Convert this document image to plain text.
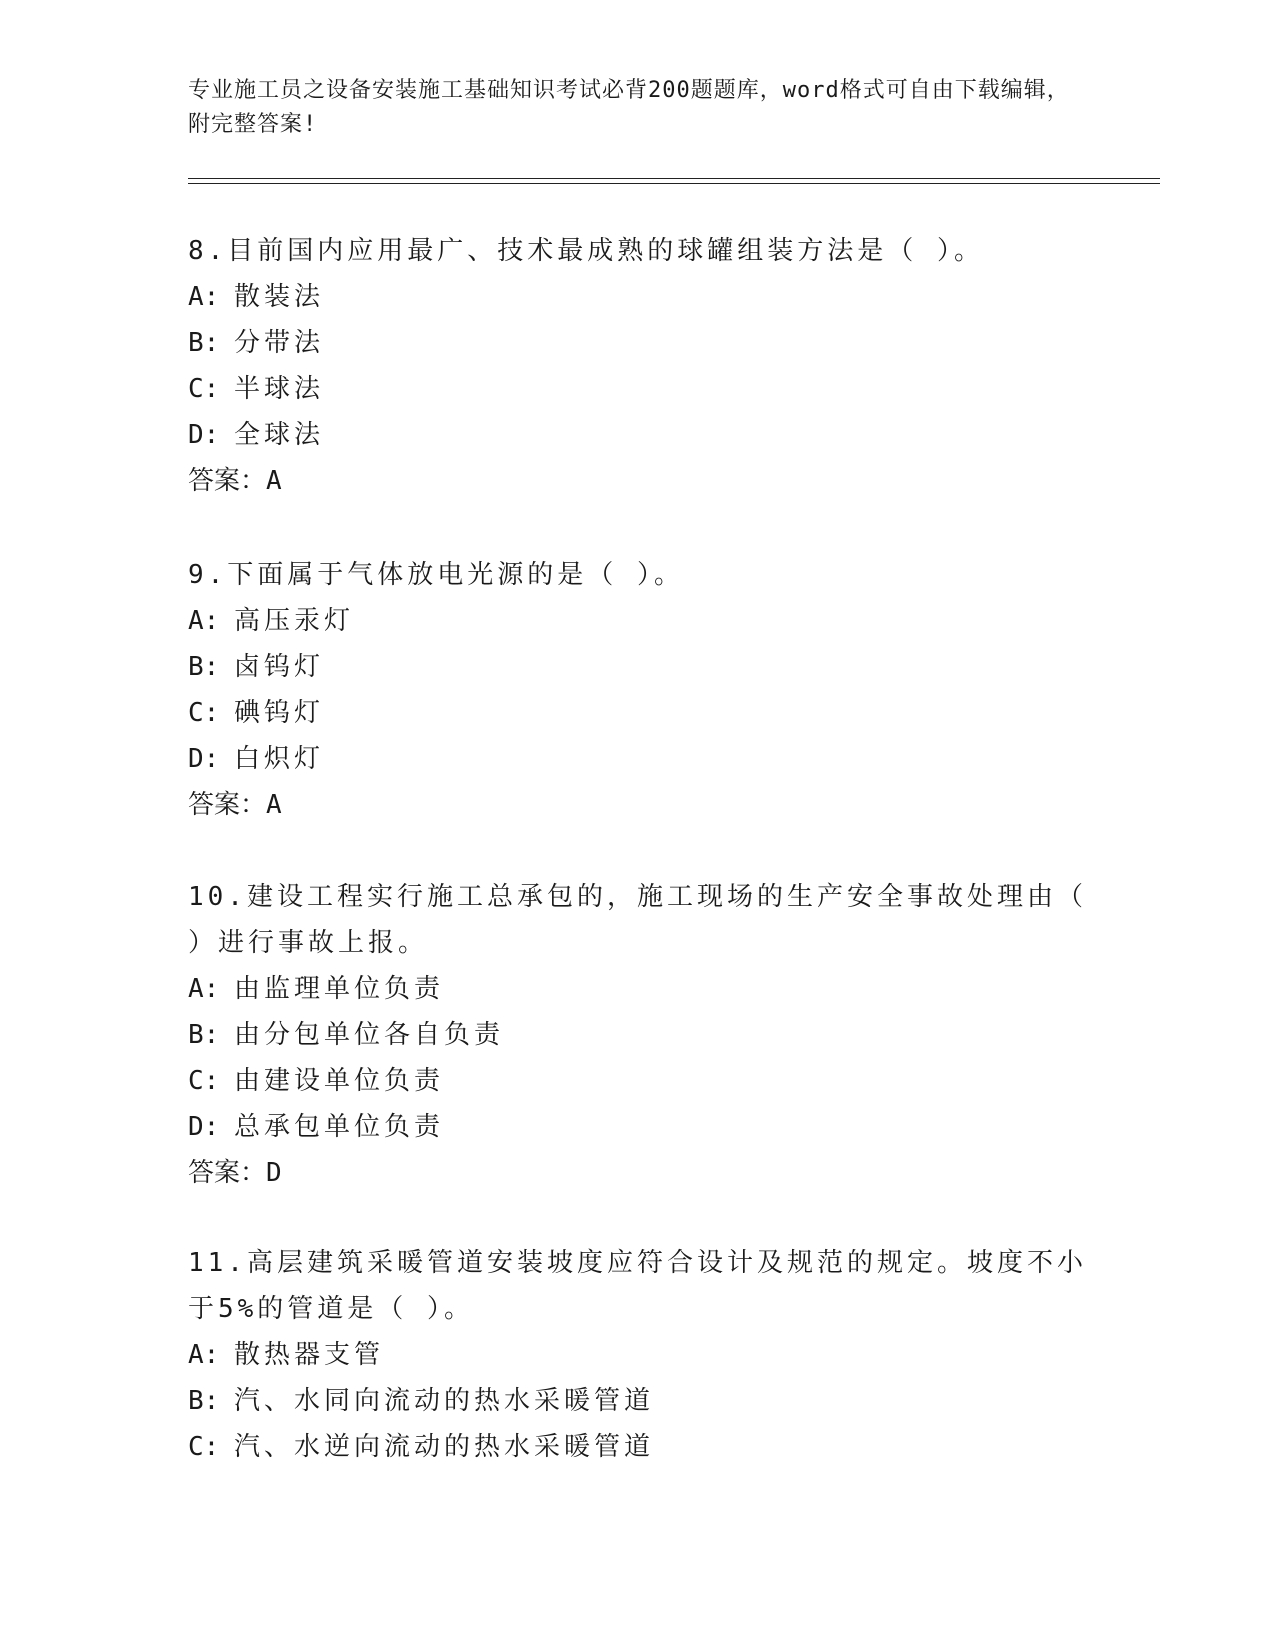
专业施工员之设备安装施工基础知识考试必背200题题库，word格式可自由下载编辑，附完整答案!

8.目前国内应用最广、技术最成熟的球罐组装方法是（ ）。

A: 散装法

B: 分带法

C: 半球法

D: 全球法

答案：A

9.下面属于气体放电光源的是（ ）。

A: 高压汞灯

B: 卤钨灯

C: 碘钨灯

D: 白炽灯

答案：A

10.建设工程实行施工总承包的，施工现场的生产安全事故处理由（ ）进行事故上报。

A: 由监理单位负责

B: 由分包单位各自负责

C: 由建设单位负责

D: 总承包单位负责

答案：D

11.高层建筑采暖管道安装坡度应符合设计及规范的规定。坡度不小于5%的管道是（ ）。

A: 散热器支管

B: 汽、水同向流动的热水采暖管道

C: 汽、水逆向流动的热水采暖管道
